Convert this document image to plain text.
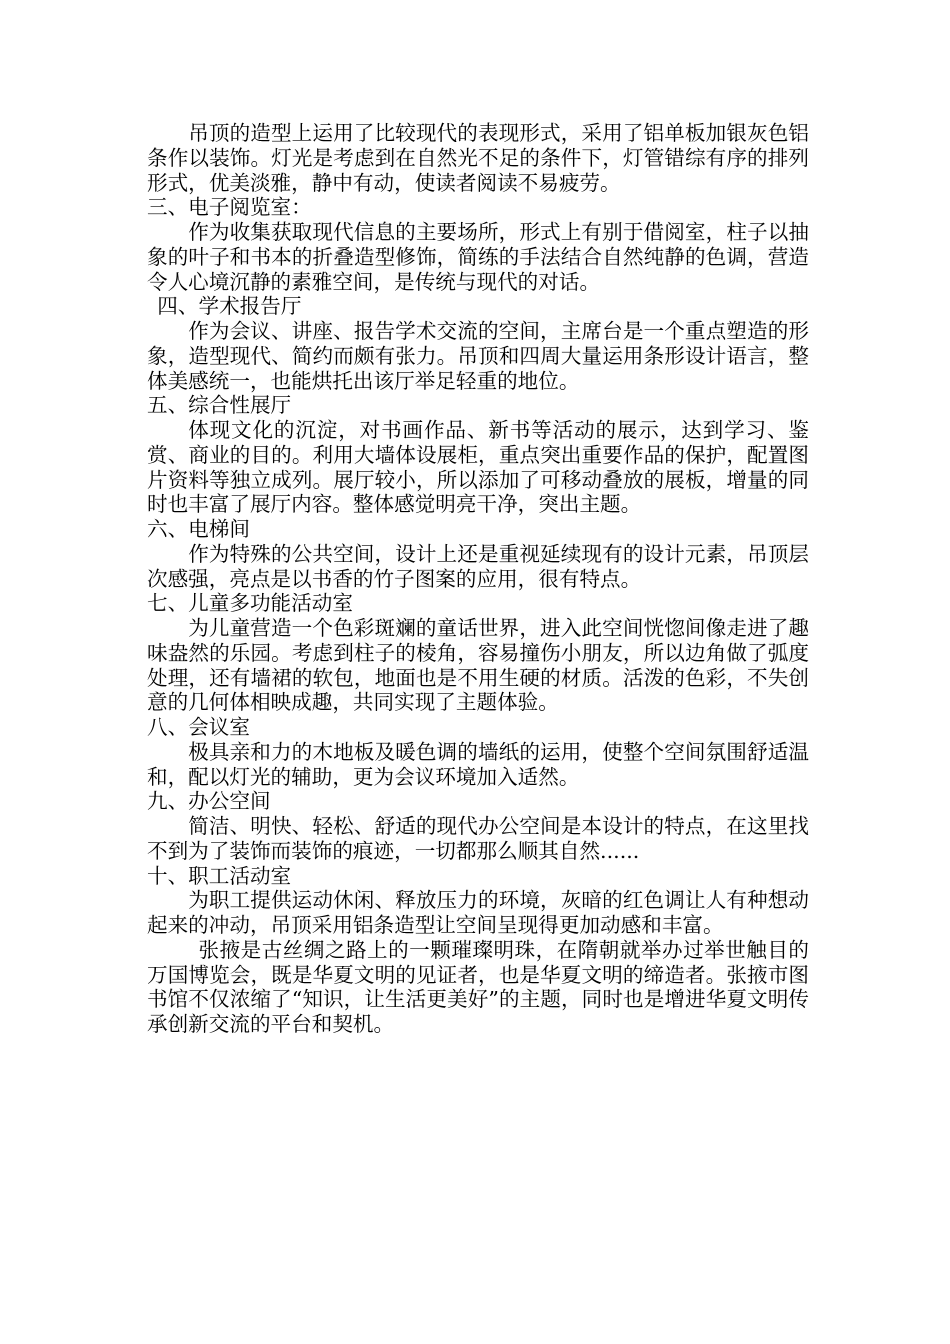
吊顶的造型上运用了比较现代的表现形式，采用了铝单板加银灰色铝条作以装饰。灯光是考虑到在自然光不足的条件下，灯管错综有序的排列形式，优美淡雅，静中有动，使读者阅读不易疲劳。

三、电子阅览室：

作为收集获取现代信息的主要场所，形式上有别于借阅室，柱子以抽象的叶子和书本的折叠造型修饰，简练的手法结合自然纯静的色调，营造令人心境沉静的素雅空间，是传统与现代的对话。

四、学术报告厅

作为会议、讲座、报告学术交流的空间，主席台是一个重点塑造的形象，造型现代、简约而颇有张力。吊顶和四周大量运用条形设计语言，整体美感统一，也能烘托出该厅举足轻重的地位。

五、综合性展厅

体现文化的沉淀，对书画作品、新书等活动的展示，达到学习、鉴赏、商业的目的。利用大墙体设展柜，重点突出重要作品的保护，配置图片资料等独立成列。展厅较小，所以添加了可移动叠放的展板，增量的同时也丰富了展厅内容。整体感觉明亮干净，突出主题。

六、电梯间

作为特殊的公共空间，设计上还是重视延续现有的设计元素，吊顶层次感强，亮点是以书香的竹子图案的应用，很有特点。

七、儿童多功能活动室

为儿童营造一个色彩斑斓的童话世界，进入此空间恍惚间像走进了趣味盎然的乐园。考虑到柱子的棱角，容易撞伤小朋友，所以边角做了弧度处理，还有墙裙的软包，地面也是不用生硬的材质。活泼的色彩，不失创意的几何体相映成趣，共同实现了主题体验。

八、会议室

极具亲和力的木地板及暖色调的墙纸的运用，使整个空间氛围舒适温和，配以灯光的辅助，更为会议环境加入适然。

九、办公空间

简洁、明快、轻松、舒适的现代办公空间是本设计的特点，在这里找不到为了装饰而装饰的痕迹，一切都那么顺其自然......

十、职工活动室

为职工提供运动休闲、释放压力的环境，灰暗的红色调让人有种想动起来的冲动，吊顶采用铝条造型让空间呈现得更加动感和丰富。

张掖是古丝绸之路上的一颗璀璨明珠，在隋朝就举办过举世触目的万国博览会，既是华夏文明的见证者，也是华夏文明的缔造者。张掖市图书馆不仅浓缩了“知识，让生活更美好”的主题，同时也是增进华夏文明传承创新交流的平台和契机。
